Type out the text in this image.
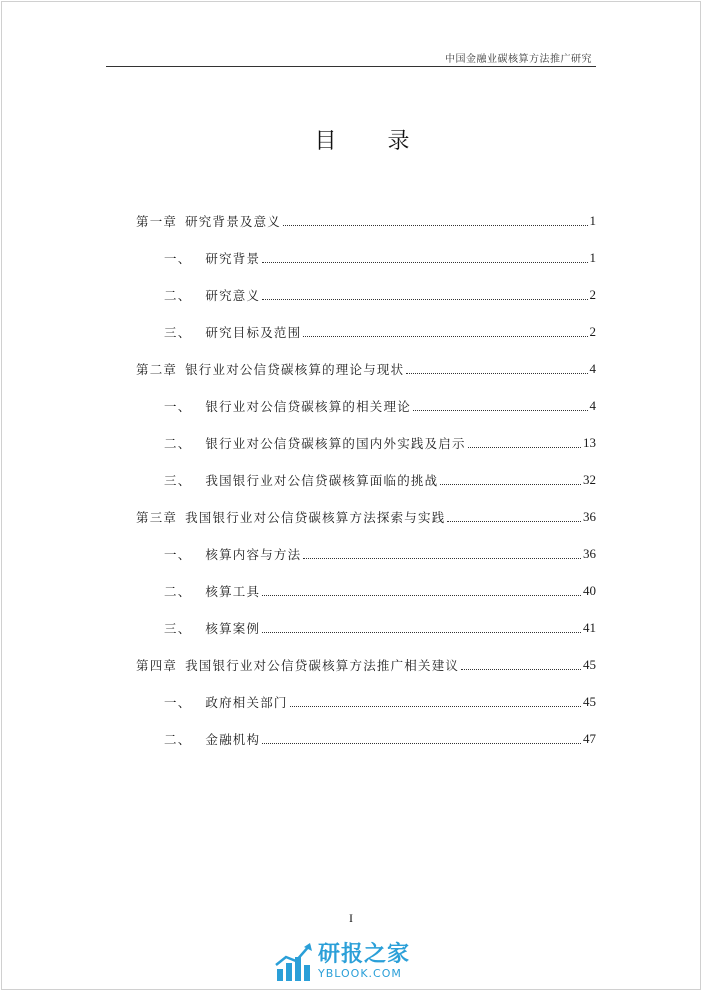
中国金融业碳核算方法推广研究
目 录
第一章 研究背景及意义	1
一、 研究背景	1
二、 研究意义	2
三、 研究目标及范围	2
第二章 银行业对公信贷碳核算的理论与现状	4
一、 银行业对公信贷碳核算的相关理论	4
二、 银行业对公信贷碳核算的国内外实践及启示	13
三、 我国银行业对公信贷碳核算面临的挑战	32
第三章 我国银行业对公信贷碳核算方法探索与实践	36
一、 核算内容与方法	36
二、 核算工具	40
三、 核算案例	41
第四章 我国银行业对公信贷碳核算方法推广相关建议	45
一、 政府相关部门	45
二、 金融机构	47
I
研报之家
YBLOOK.COM
